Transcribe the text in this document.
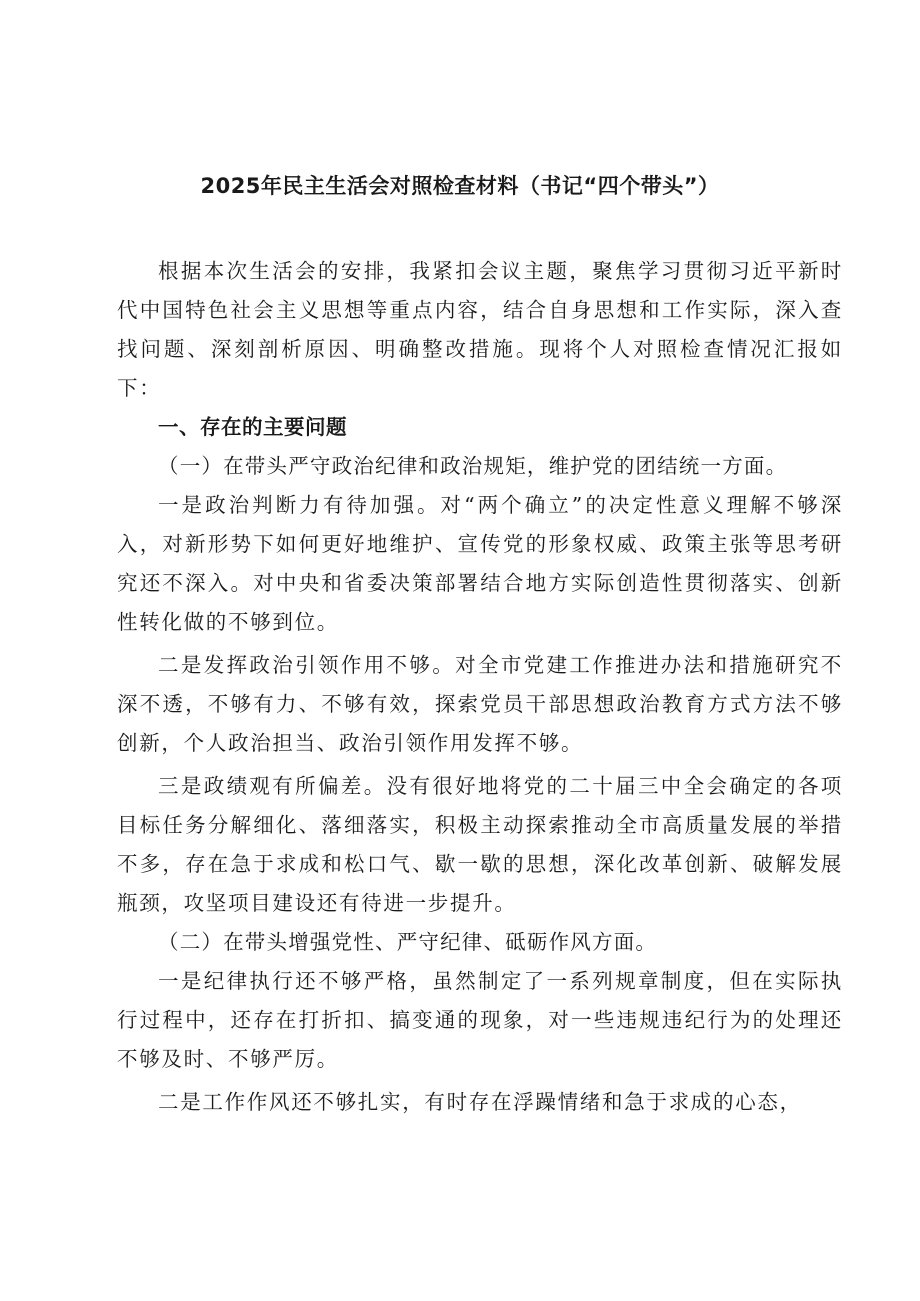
2025年民主生活会对照检查材料（书记“四个带头”）

根据本次生活会的安排，我紧扣会议主题，聚焦学习贯彻习近平新时代中国特色社会主义思想等重点内容，结合自身思想和工作实际，深入查找问题、深刻剖析原因、明确整改措施。现将个人对照检查情况汇报如下：

一、存在的主要问题

（一）在带头严守政治纪律和政治规矩，维护党的团结统一方面。

一是政治判断力有待加强。对“两个确立”的决定性意义理解不够深入，对新形势下如何更好地维护、宣传党的形象权威、政策主张等思考研究还不深入。对中央和省委决策部署结合地方实际创造性贯彻落实、创新性转化做的不够到位。

二是发挥政治引领作用不够。对全市党建工作推进办法和措施研究不深不透，不够有力、不够有效，探索党员干部思想政治教育方式方法不够创新，个人政治担当、政治引领作用发挥不够。

三是政绩观有所偏差。没有很好地将党的二十届三中全会确定的各项目标任务分解细化、落细落实，积极主动探索推动全市高质量发展的举措不多，存在急于求成和松口气、歇一歇的思想，深化改革创新、破解发展瓶颈，攻坚项目建设还有待进一步提升。

（二）在带头增强党性、严守纪律、砥砺作风方面。

一是纪律执行还不够严格，虽然制定了一系列规章制度，但在实际执行过程中，还存在打折扣、搞变通的现象，对一些违规违纪行为的处理还不够及时、不够严厉。

二是工作作风还不够扎实，有时存在浮躁情绪和急于求成的心态，
